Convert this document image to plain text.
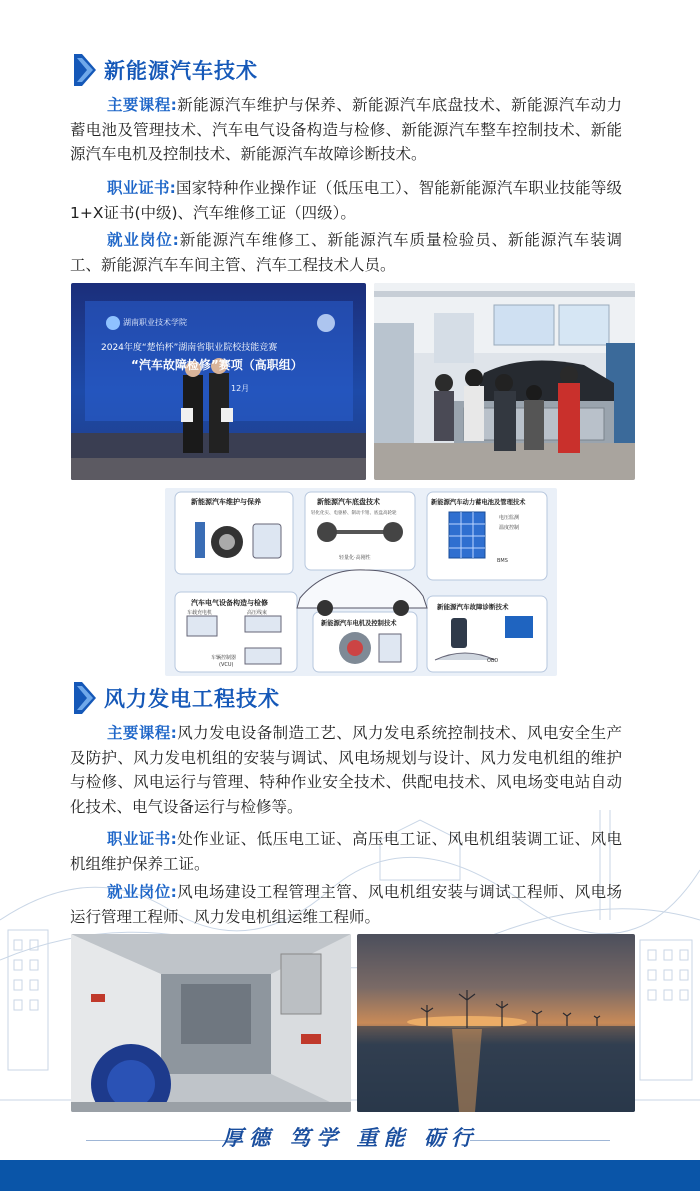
新能源汽车技术
主要课程:新能源汽车维护与保养、新能源汽车底盘技术、新能源汽车动力蓄电池及管理技术、汽车电气设备构造与检修、新能源汽车整车控制技术、新能源汽车电机及控制技术、新能源汽车故障诊断技术。
职业证书:国家特种作业操作证（低压电工）、智能新能源汽车职业技能等级1+X证书(中级)、汽车维修工证（四级）。
就业岗位:新能源汽车维修工、新能源汽车质量检验员、新能源汽车装调工、新能源汽车车间主管、汽车工程技术人员。
湖南职业技术学院
2024年度“楚怡杯”湖南省职业院校技能竞赛
“汽车故障检修”赛项（高职组）
12月
新能源汽车维护与保养	新能源汽车底盘技术
轻化化实、电驱桥、制动卡钳、底盘高轮轮
轻量化·高刚性
新能源汽车动力蓄电池及管理技术
电压监测
温度控制
BMS
汽车电气设备构造与检修
车载充电机	高压线束
车辆控制器
(VCU)
新能源汽车电机及控制技术
新能源汽车故障诊断技术
OBD
风力发电工程技术
主要课程:风力发电设备制造工艺、风力发电系统控制技术、风电安全生产及防护、风力发电机组的安装与调试、风电场规划与设计、风力发电机组的维护与检修、风电运行与管理、特种作业安全技术、供配电技术、风电场变电站自动化技术、电气设备运行与检修等。
职业证书:处作业证、低压电工证、高压电工证、风电机组装调工证、风电机组维护保养工证。
就业岗位:风电场建设工程管理主管、风电机组安装与调试工程师、风电场运行管理工程师、风力发电机组运维工程师。
厚德 笃学 重能 砺行
